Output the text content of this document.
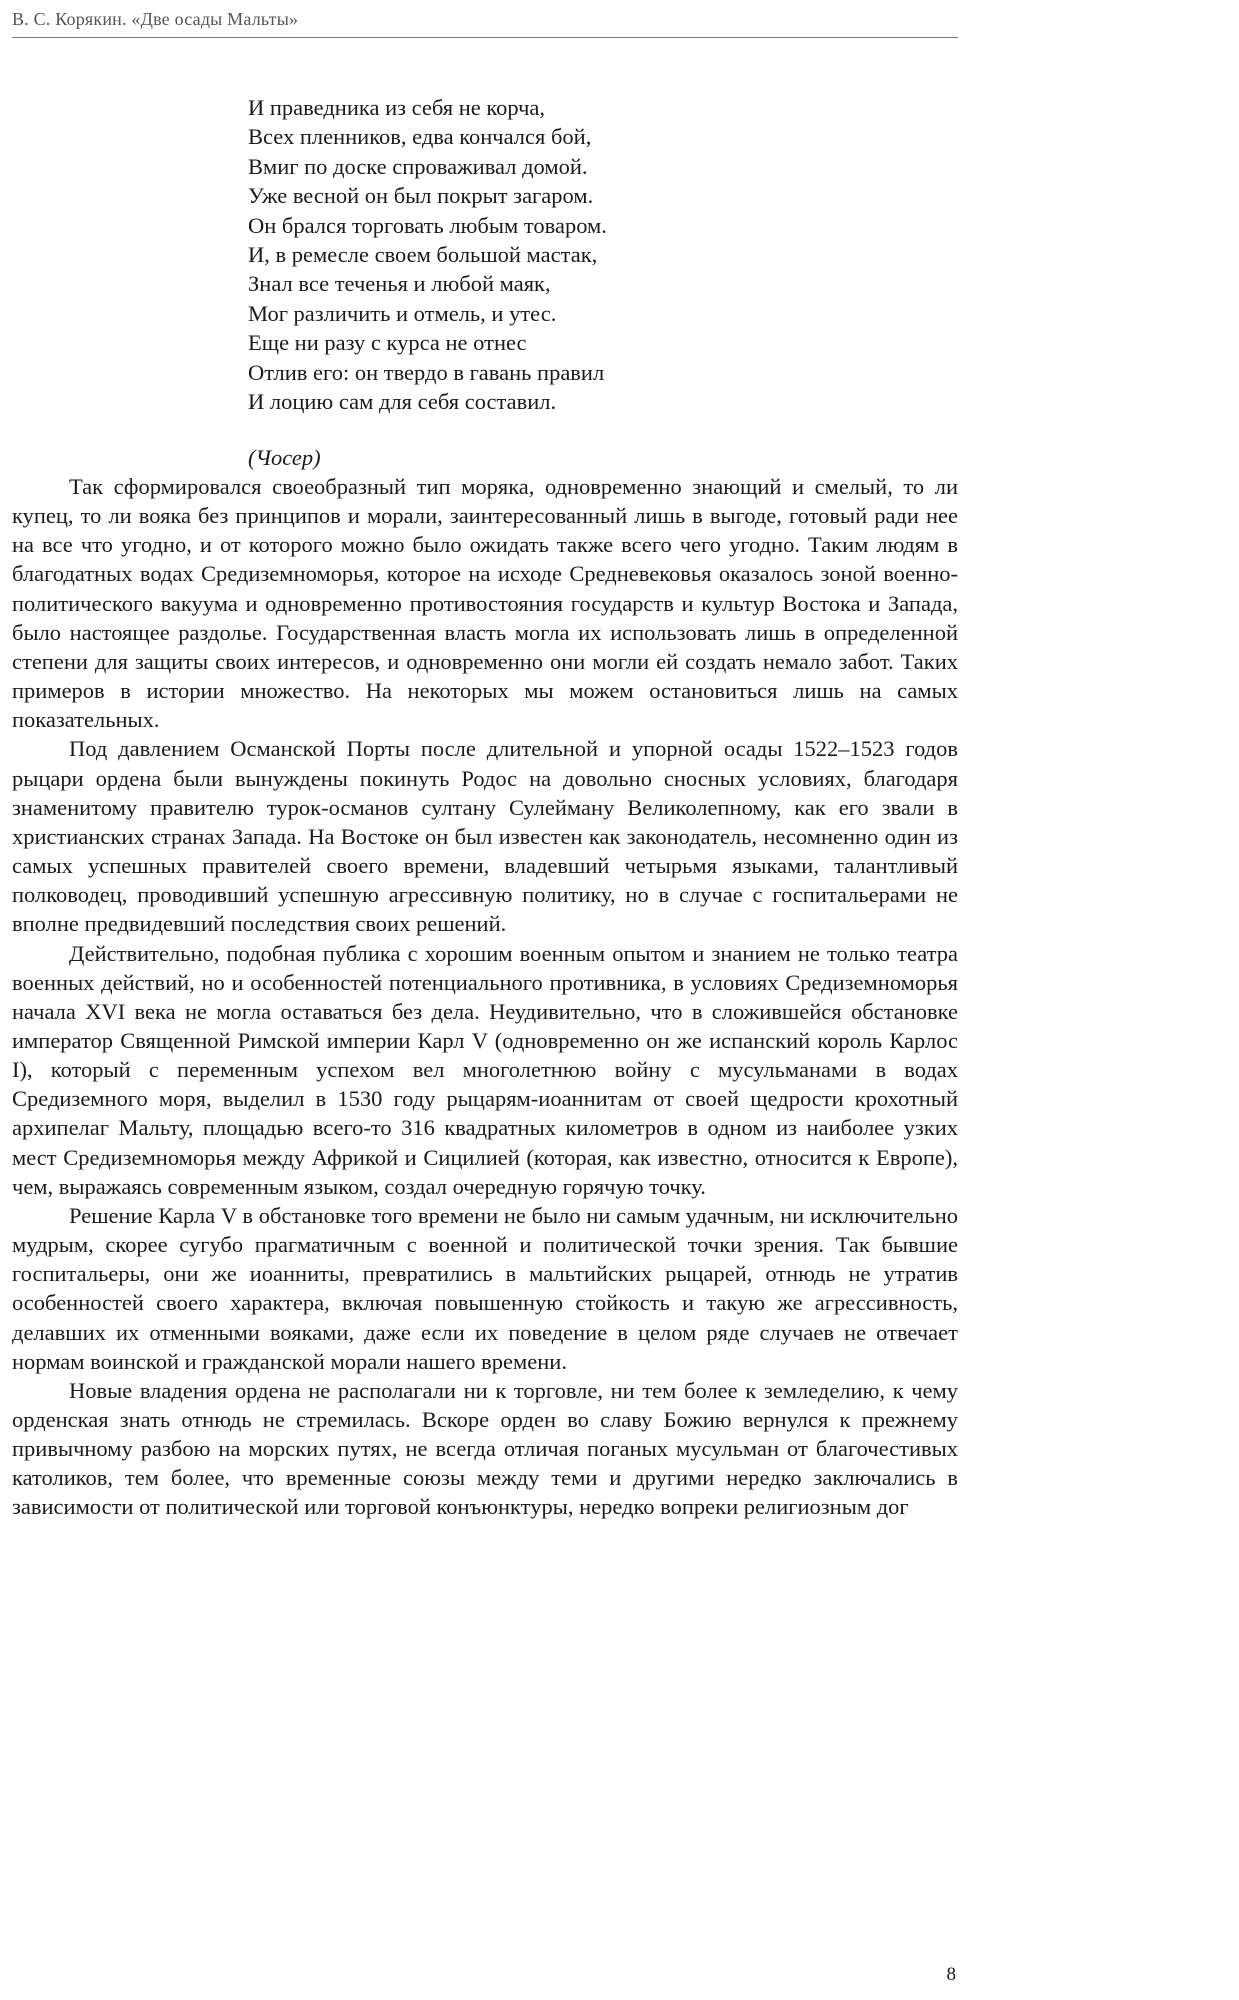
В. С. Корякин. «Две осады Мальты»
И праведника из себя не корча,
Всех пленников, едва кончался бой,
Вмиг по доске спроваживал домой.
Уже весной он был покрыт загаром.
Он брался торговать любым товаром.
И, в ремесле своем большой мастак,
Знал все теченья и любой маяк,
Мог различить и отмель, и утес.
Еще ни разу с курса не отнес
Отлив его: он твердо в гавань правил
И лоцию сам для себя составил.
(Чосер)

Так сформировался своеобразный тип моряка, одновременно знающий и смелый, то ли купец, то ли вояка без принципов и морали, заинтересованный лишь в выгоде, готовый ради нее на все что угодно, и от которого можно было ожидать также всего чего угодно. Таким людям в благодатных водах Средиземноморья, которое на исходе Средневековья оказалось зоной военно-политического вакуума и одновременно противостояния государств и культур Востока и Запада, было настоящее раздолье. Государственная власть могла их использовать лишь в определенной степени для защиты своих интересов, и одновременно они могли ей создать немало забот. Таких примеров в истории множество. На некоторых мы можем остановиться лишь на самых показательных.

Под давлением Османской Порты после длительной и упорной осады 1522–1523 годов рыцари ордена были вынуждены покинуть Родос на довольно сносных условиях, благодаря знаменитому правителю турок-османов султану Сулейману Великолепному, как его звали в христианских странах Запада. На Востоке он был известен как законодатель, несомненно один из самых успешных правителей своего времени, владевший четырьмя языками, талантливый полководец, проводивший успешную агрессивную политику, но в случае с госпитальерами не вполне предвидевший последствия своих решений.

Действительно, подобная публика с хорошим военным опытом и знанием не только театра военных действий, но и особенностей потенциального противника, в условиях Средиземноморья начала XVI века не могла оставаться без дела. Неудивительно, что в сложившейся обстановке император Священной Римской империи Карл V (одновременно он же испанский король Карлос I), который с переменным успехом вел многолетнюю войну с мусульманами в водах Средиземного моря, выделил в 1530 году рыцарям-иоаннитам от своей щедрости крохотный архипелаг Мальту, площадью всего-то 316 квадратных километров в одном из наиболее узких мест Средиземноморья между Африкой и Сицилией (которая, как известно, относится к Европе), чем, выражаясь современным языком, создал очередную горячую точку.

Решение Карла V в обстановке того времени не было ни самым удачным, ни исключительно мудрым, скорее сугубо прагматичным с военной и политической точки зрения. Так бывшие госпитальеры, они же иоанниты, превратились в мальтийских рыцарей, отнюдь не утратив особенностей своего характера, включая повышенную стойкость и такую же агрессивность, делавших их отменными вояками, даже если их поведение в целом ряде случаев не отвечает нормам воинской и гражданской морали нашего времени.

Новые владения ордена не располагали ни к торговле, ни тем более к земледелию, к чему орденская знать отнюдь не стремилась. Вскоре орден во славу Божию вернулся к прежнему привычному разбою на морских путях, не всегда отличая поганых мусульман от благочестивых католиков, тем более, что временные союзы между теми и другими нередко заключались в зависимости от политической или торговой конъюнктуры, нередко вопреки религиозным дог

8
